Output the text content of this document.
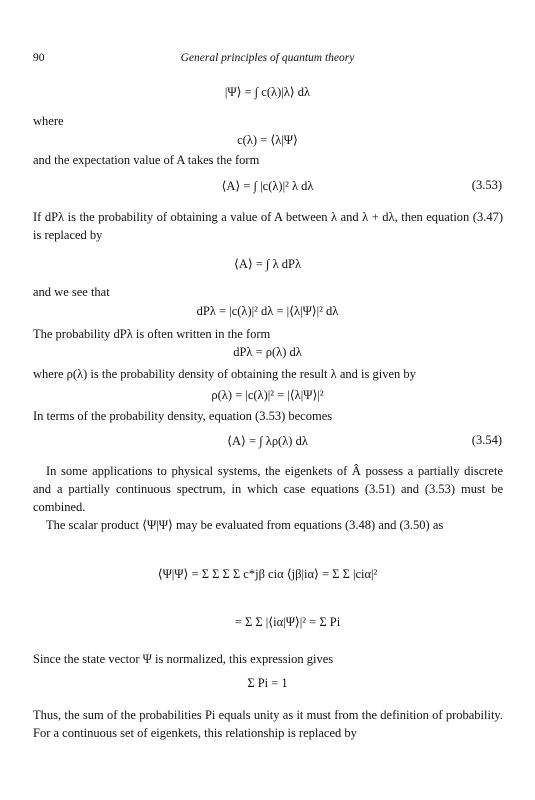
90	General principles of quantum theory
|Ψ⟩ = ∫ c(λ)|λ⟩ dλ
where
c(λ) = ⟨λ|Ψ⟩
and the expectation value of A takes the form
⟨A⟩ = ∫ |c(λ)|² λ dλ	(3.53)
If dPλ is the probability of obtaining a value of A between λ and λ + dλ, then equation (3.47) is replaced by
⟨A⟩ = ∫ λ dPλ
and we see that
dPλ = |c(λ)|² dλ = |⟨λ|Ψ⟩|² dλ
The probability dPλ is often written in the form
dPλ = ρ(λ) dλ
where ρ(λ) is the probability density of obtaining the result λ and is given by
ρ(λ) = |c(λ)|² = |⟨λ|Ψ⟩|²
In terms of the probability density, equation (3.53) becomes
⟨A⟩ = ∫ λρ(λ) dλ	(3.54)
In some applications to physical systems, the eigenkets of Â possess a partially discrete and a partially continuous spectrum, in which case equations (3.51) and (3.53) must be combined.
The scalar product ⟨Ψ|Ψ⟩ may be evaluated from equations (3.48) and (3.50) as
⟨Ψ|Ψ⟩ = Σ Σ Σ Σ c*jβ ciα ⟨jβ|iα⟩ = Σ Σ |ciα|²
= Σ Σ |⟨iα|Ψ⟩|² = Σ Pi
Since the state vector Ψ is normalized, this expression gives
Σ Pi = 1
Thus, the sum of the probabilities Pi equals unity as it must from the definition of probability. For a continuous set of eigenkets, this relationship is replaced by
